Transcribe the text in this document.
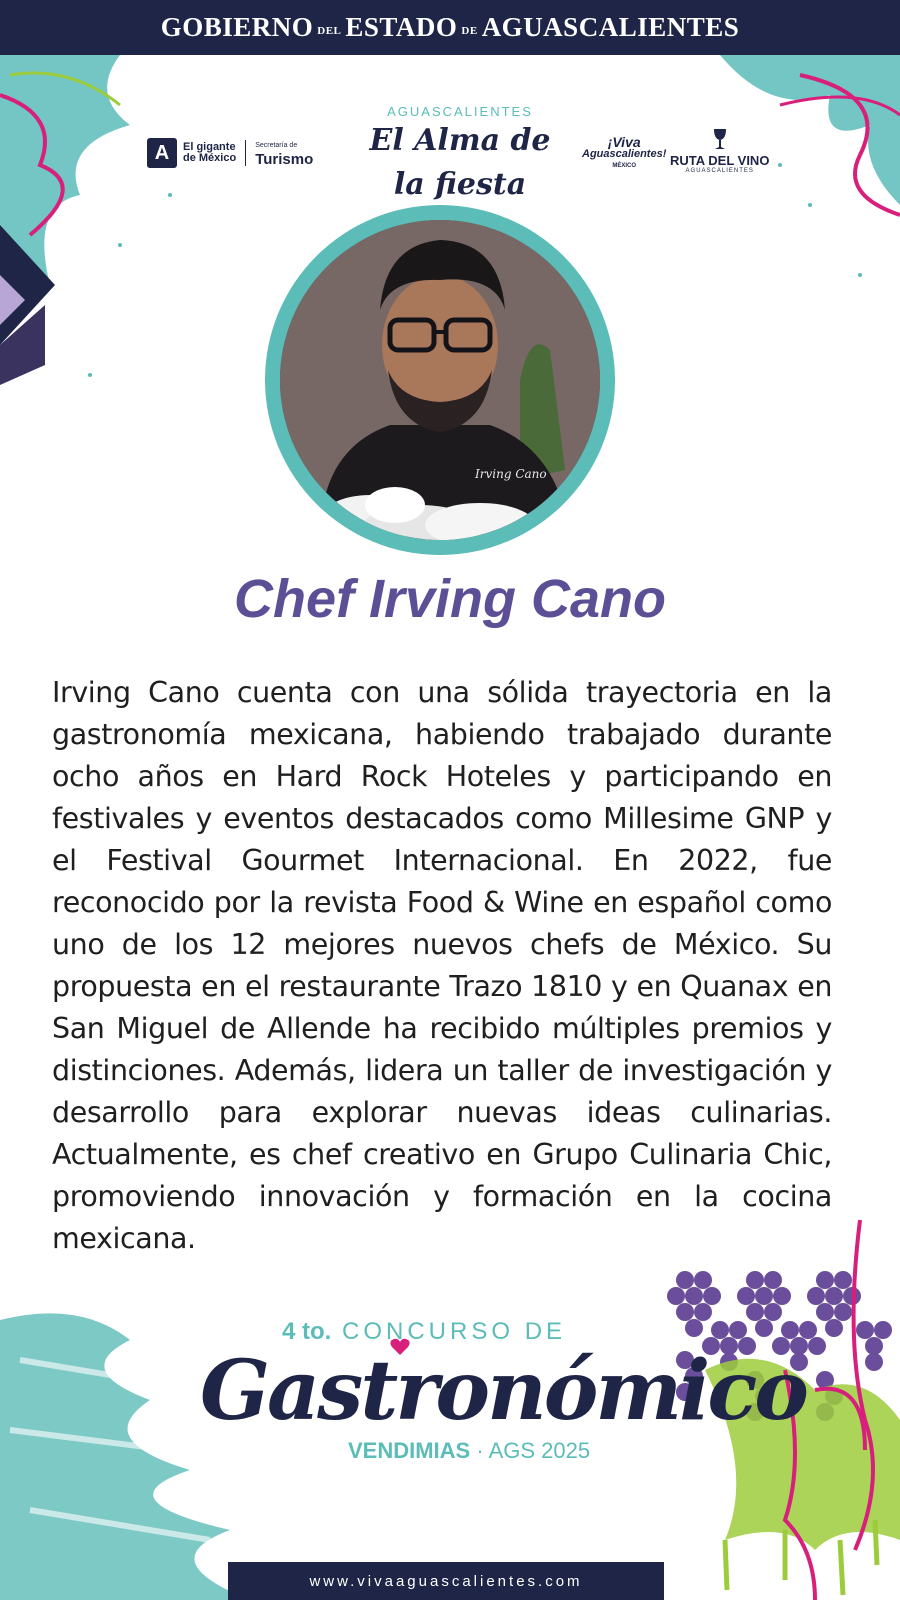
GOBIERNO DEL ESTADO DE AGUASCALIENTES
A	El gigante
de México
Secretaría de
Turismo
AGUASCALIENTES
El Alma de la fiesta
¡Viva
Aguascalientes!
MÉXICO	RUTA DEL VINO
AGUASCALIENTES
Irving Cano
Chef Irving Cano
Irving Cano cuenta con una sólida trayectoria en la gastronomía mexicana, habiendo trabajado durante ocho años en Hard Rock Hoteles y participando en festivales y eventos destacados como Millesime GNP y el Festival Gourmet Internacional. En 2022, fue reconocido por la revista Food & Wine en español como uno de los 12 mejores nuevos chefs de México. Su propuesta en el restaurante Trazo 1810 y en Quanax en San Miguel de Allende ha recibido múltiples premios y distinciones. Además, lidera un taller de investigación y desarrollo para explorar nuevas ideas culinarias. Actualmente, es chef creativo en Grupo Culinaria Chic, promoviendo innovación y formación en la cocina mexicana.
4 to. CONCURSO DE
Gastronómico
VENDIMIAS · AGS 2025
www.vivaaguascalientes.com
